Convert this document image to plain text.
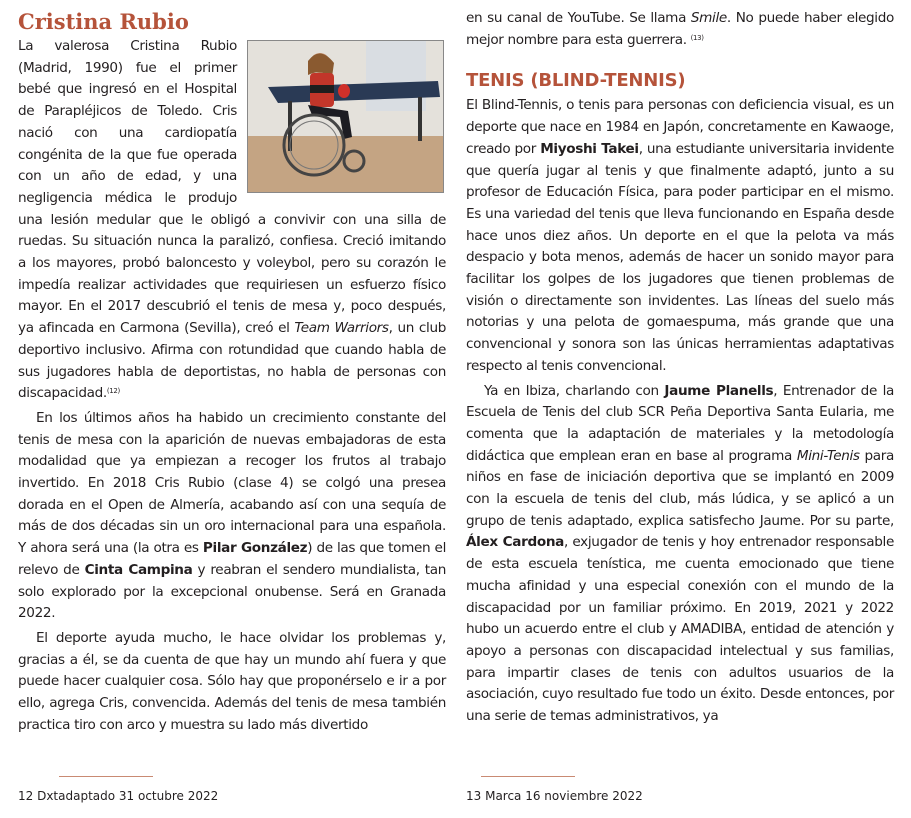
Cristina Rubio

La valerosa Cristina Rubio (Madrid, 1990) fue el primer bebé que ingresó en el Hospital de Parapléjicos de Toledo. Cris nació con una cardiopatía congénita de la que fue operada con un año de edad, y una negligencia médica le produjo una lesión medular que le obligó a convivir con una silla de ruedas. Su situación nunca la paralizó, confiesa. Creció imitando a los mayores, probó baloncesto y voleybol, pero su corazón le impedía realizar actividades que requiriesen un esfuerzo físico mayor. En el 2017 descubrió el tenis de mesa y, poco después, ya afincada en Carmona (Sevilla), creó el Team Warriors, un club deportivo inclusivo. Afirma con rotundidad que cuando habla de sus jugadores habla de deportistas, no habla de personas con discapacidad.$^{(12)}$

En los últimos años ha habido un crecimiento constante del tenis de mesa con la aparición de nuevas embajadoras de esta modalidad que ya empiezan a recoger los frutos al trabajo invertido. En 2018 Cris Rubio (clase 4) se colgó una presea dorada en el Open de Almería, acabando así con una sequía de más de dos décadas sin un oro internacional para una española. Y ahora será una (la otra es Pilar González) de las que tomen el relevo de Cinta Campina y reabran el sendero mundialista, tan solo explorado por la excepcional onubense. Será en Granada 2022.

El deporte ayuda mucho, le hace olvidar los problemas y, gracias a él, se da cuenta de que hay un mundo ahí fuera y que puede hacer cualquier cosa. Sólo hay que proponérselo e ir a por ello, agrega Cris, convencida. Además del tenis de mesa también practica tiro con arco y muestra su lado más divertido

en su canal de YouTube. Se llama Smile. No puede haber elegido mejor nombre para esta guerrera. $^{(13)}$

TENIS (BLIND-TENNIS)

El Blind-Tennis, o tenis para personas con deficiencia visual, es un deporte que nace en 1984 en Japón, concretamente en Kawaoge, creado por Miyoshi Takei, una estudiante universitaria invidente que quería jugar al tenis y que finalmente adaptó, junto a su profesor de Educación Física, para poder participar en el mismo. Es una variedad del tenis que lleva funcionando en España desde hace unos diez años. Un deporte en el que la pelota va más despacio y bota menos, además de hacer un sonido mayor para facilitar los golpes de los jugadores que tienen problemas de visión o directamente son invidentes. Las líneas del suelo más notorias y una pelota de gomaespuma, más grande que una convencional y sonora son las únicas herramientas adaptativas respecto al tenis convencional.

Ya en Ibiza, charlando con Jaume Planells, Entrenador de la Escuela de Tenis del club SCR Peña Deportiva Santa Eularia, me comenta que la adaptación de materiales y la metodología didáctica que emplean eran en base al programa Mini-Tenis para niños en fase de iniciación deportiva que se implantó en 2009 con la escuela de tenis del club, más lúdica, y se aplicó a un grupo de tenis adaptado, explica satisfecho Jaume. Por su parte, Álex Cardona, exjugador de tenis y hoy entrenador responsable de esta escuela tenística, me cuenta emocionado que tiene mucha afinidad y una especial conexión con el mundo de la discapacidad por un familiar próximo. En 2019, 2021 y 2022 hubo un acuerdo entre el club y AMADIBA, entidad de atención y apoyo a personas con discapacidad intelectual y sus familias, para impartir clases de tenis con adultos usuarios de la asociación, cuyo resultado fue todo un éxito. Desde entonces, por una serie de temas administrativos, ya

12 Dxtadaptado 31 octubre 2022	13 Marca 16 noviembre 2022
